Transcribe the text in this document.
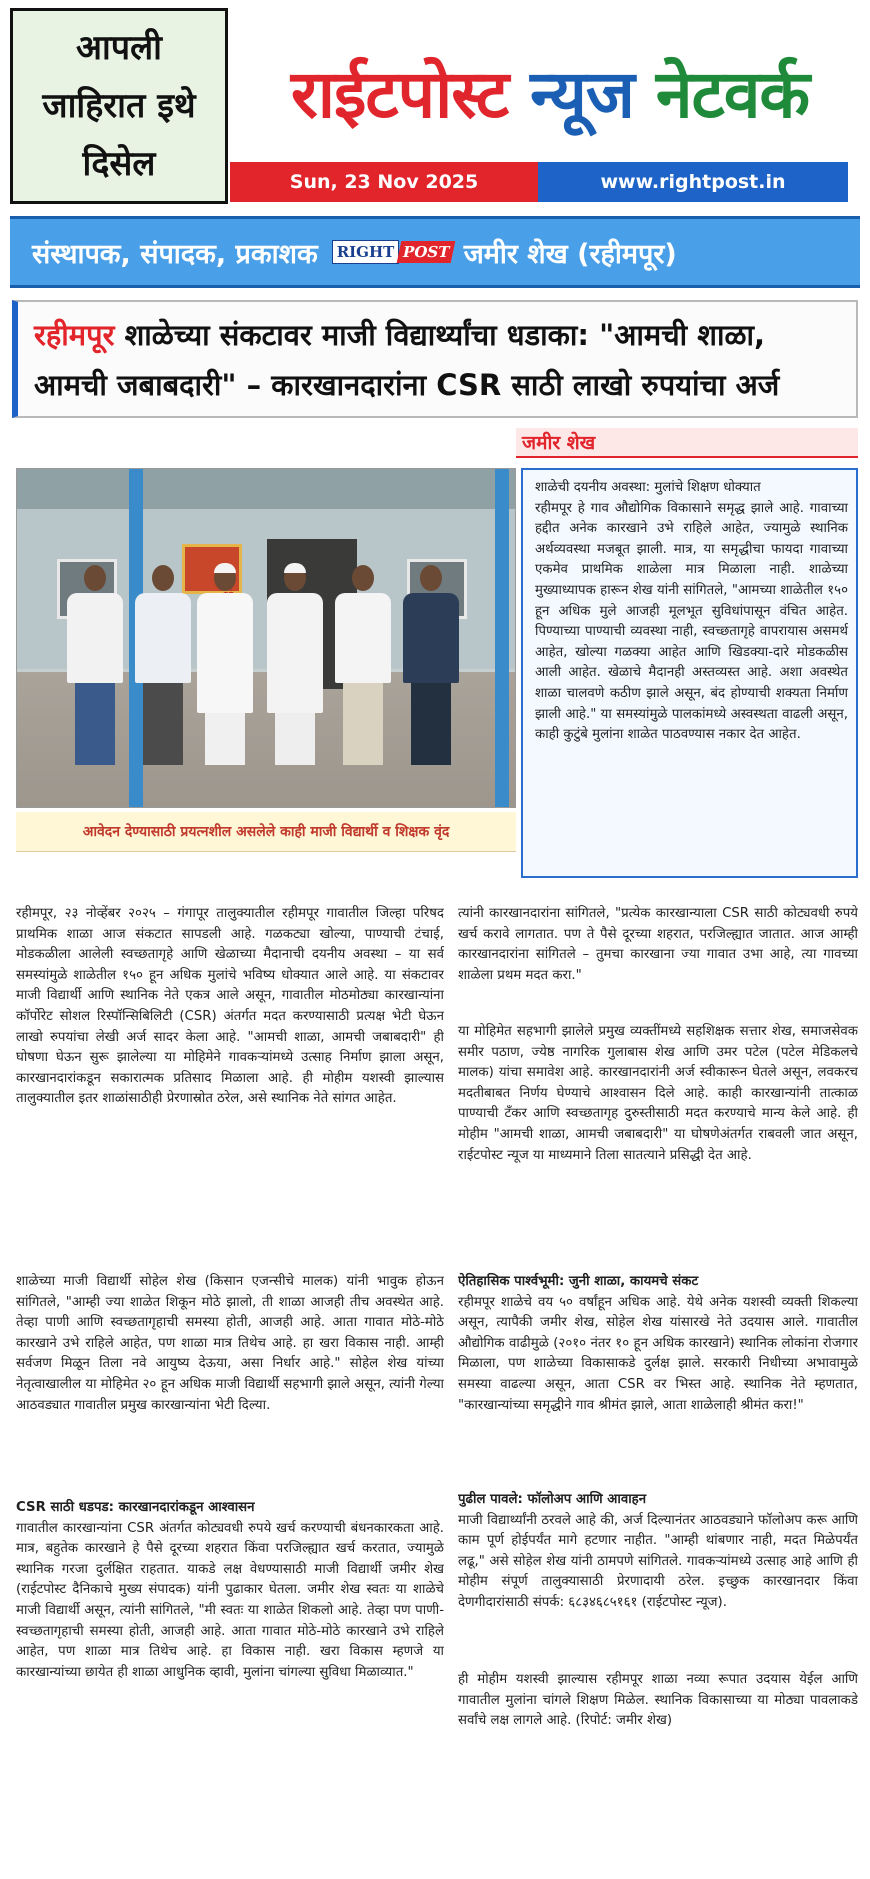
आपली
जाहिरात इथे
दिसेल
राईटपोस्ट न्यूज नेटवर्क
Sun, 23 Nov 2025	www.rightpost.in
संस्थापक, संपादक, प्रकाशक	RIGHT POST जमीर शेख (रहीमपूर)
रहीमपूर शाळेच्या संकटावर माजी विद्यार्थ्यांचा धडाका: "आमची शाळा, आमची जबाबदारी" – कारखानदारांना CSR साठी लाखो रुपयांचा अर्ज
जमीर शेख
आवेदन देण्यासाठी प्रयत्नशील असलेले काही माजी विद्यार्थी व शिक्षक वृंद
शाळेची दयनीय अवस्था: मुलांचे शिक्षण धोक्यात
रहीमपूर हे गाव औद्योगिक विकासाने समृद्ध झाले आहे. गावाच्या हद्दीत अनेक कारखाने उभे राहिले आहेत, ज्यामुळे स्थानिक अर्थव्यवस्था मजबूत झाली. मात्र, या समृद्धीचा फायदा गावाच्या एकमेव प्राथमिक शाळेला मात्र मिळाला नाही. शाळेच्या मुख्याध्यापक हारून शेख यांनी सांगितले, "आमच्या शाळेतील १५० हून अधिक मुले आजही मूलभूत सुविधांपासून वंचित आहेत. पिण्याच्या पाण्याची व्यवस्था नाही, स्वच्छतागृहे वापरायास असमर्थ आहेत, खोल्या गळक्या आहेत आणि खिडक्या-दारे मोडकळीस आली आहेत. खेळाचे मैदानही अस्तव्यस्त आहे. अशा अवस्थेत शाळा चालवणे कठीण झाले असून, बंद होण्याची शक्यता निर्माण झाली आहे." या समस्यांमुळे पालकांमध्ये अस्वस्थता वाढली असून, काही कुटुंबे मुलांना शाळेत पाठवण्यास नकार देत आहेत.
रहीमपूर, २३ नोव्हेंबर २०२५ – गंगापूर तालुक्यातील रहीमपूर गावातील जिल्हा परिषद प्राथमिक शाळा आज संकटात सापडली आहे. गळकट्या खोल्या, पाण्याची टंचाई, मोडकळीला आलेली स्वच्छतागृहे आणि खेळाच्या मैदानाची दयनीय अवस्था – या सर्व समस्यांमुळे शाळेतील १५० हून अधिक मुलांचे भविष्य धोक्यात आले आहे. या संकटावर माजी विद्यार्थी आणि स्थानिक नेते एकत्र आले असून, गावातील मोठमोठ्या कारखान्यांना कॉर्पोरेट सोशल रिस्पॉन्सिबिलिटी (CSR) अंतर्गत मदत करण्यासाठी प्रत्यक्ष भेटी घेऊन लाखो रुपयांचा लेखी अर्ज सादर केला आहे. "आमची शाळा, आमची जबाबदारी" ही घोषणा घेऊन सुरू झालेल्या या मोहिमेने गावकऱ्यांमध्ये उत्साह निर्माण झाला असून, कारखानदारांकडून सकारात्मक प्रतिसाद मिळाला आहे. ही मोहीम यशस्वी झाल्यास तालुक्यातील इतर शाळांसाठीही प्रेरणास्रोत ठरेल, असे स्थानिक नेते सांगत आहेत.
शाळेच्या माजी विद्यार्थी सोहेल शेख (किसान एजन्सीचे मालक) यांनी भावुक होऊन सांगितले, "आम्ही ज्या शाळेत शिकून मोठे झालो, ती शाळा आजही तीच अवस्थेत आहे. तेव्हा पाणी आणि स्वच्छतागृहाची समस्या होती, आजही आहे. आता गावात मोठे-मोठे कारखाने उभे राहिले आहेत, पण शाळा मात्र तिथेच आहे. हा खरा विकास नाही. आम्ही सर्वजण मिळून तिला नवे आयुष्य देऊया, असा निर्धार आहे." सोहेल शेख यांच्या नेतृत्वाखालील या मोहिमेत २० हून अधिक माजी विद्यार्थी सहभागी झाले असून, त्यांनी गेल्या आठवड्यात गावातील प्रमुख कारखान्यांना भेटी दिल्या.
CSR साठी धडपड: कारखानदारांकडून आश्वासन
गावातील कारखान्यांना CSR अंतर्गत कोट्यवधी रुपये खर्च करण्याची बंधनकारकता आहे. मात्र, बहुतेक कारखाने हे पैसे दूरच्या शहरात किंवा परजिल्ह्यात खर्च करतात, ज्यामुळे स्थानिक गरजा दुर्लक्षित राहतात. याकडे लक्ष वेधण्यासाठी माजी विद्यार्थी जमीर शेख (राईटपोस्ट दैनिकाचे मुख्य संपादक) यांनी पुढाकार घेतला. जमीर शेख स्वतः या शाळेचे माजी विद्यार्थी असून, त्यांनी सांगितले, "मी स्वतः या शाळेत शिकलो आहे. तेव्हा पण पाणी-स्वच्छतागृहाची समस्या होती, आजही आहे. आता गावात मोठे-मोठे कारखाने उभे राहिले आहेत, पण शाळा मात्र तिथेच आहे. हा विकास नाही. खरा विकास म्हणजे या कारखान्यांच्या छायेत ही शाळा आधुनिक व्हावी, मुलांना चांगल्या सुविधा मिळाव्यात."
त्यांनी कारखानदारांना सांगितले, "प्रत्येक कारखान्याला CSR साठी कोट्यवधी रुपये खर्च करावे लागतात. पण ते पैसे दूरच्या शहरात, परजिल्ह्यात जातात. आज आम्ही कारखानदारांना सांगितले – तुमचा कारखाना ज्या गावात उभा आहे, त्या गावच्या शाळेला प्रथम मदत करा."
या मोहिमेत सहभागी झालेले प्रमुख व्यक्तींमध्ये सहशिक्षक सत्तार शेख, समाजसेवक समीर पठाण, ज्येष्ठ नागरिक गुलाबास शेख आणि उमर पटेल (पटेल मेडिकलचे मालक) यांचा समावेश आहे. कारखानदारांनी अर्ज स्वीकारून घेतले असून, लवकरच मदतीबाबत निर्णय घेण्याचे आश्वासन दिले आहे. काही कारखान्यांनी तात्काळ पाण्याची टँकर आणि स्वच्छतागृह दुरुस्तीसाठी मदत करण्याचे मान्य केले आहे. ही मोहीम "आमची शाळा, आमची जबाबदारी" या घोषणेअंतर्गत राबवली जात असून, राईटपोस्ट न्यूज या माध्यमाने तिला सातत्याने प्रसिद्धी देत आहे.
ऐतिहासिक पार्श्वभूमी: जुनी शाळा, कायमचे संकट
रहीमपूर शाळेचे वय ५० वर्षांहून अधिक आहे. येथे अनेक यशस्वी व्यक्ती शिकल्या असून, त्यापैकी जमीर शेख, सोहेल शेख यांसारखे नेते उदयास आले. गावातील औद्योगिक वाढीमुळे (२०१० नंतर १० हून अधिक कारखाने) स्थानिक लोकांना रोजगार मिळाला, पण शाळेच्या विकासाकडे दुर्लक्ष झाले. सरकारी निधीच्या अभावामुळे समस्या वाढल्या असून, आता CSR वर भिस्त आहे. स्थानिक नेते म्हणतात, "कारखान्यांच्या समृद्धीने गाव श्रीमंत झाले, आता शाळेलाही श्रीमंत करा!"
पुढील पावले: फॉलोअप आणि आवाहन
माजी विद्यार्थ्यांनी ठरवले आहे की, अर्ज दिल्यानंतर आठवड्याने फॉलोअप करू आणि काम पूर्ण होईपर्यंत मागे हटणार नाहीत. "आम्ही थांबणार नाही, मदत मिळेपर्यंत लढू," असे सोहेल शेख यांनी ठामपणे सांगितले. गावकऱ्यांमध्ये उत्साह आहे आणि ही मोहीम संपूर्ण तालुक्यासाठी प्रेरणादायी ठरेल. इच्छुक कारखानदार किंवा देणगीदारांसाठी संपर्क: ६८३४६८५१६१ (राईटपोस्ट न्यूज).
ही मोहीम यशस्वी झाल्यास रहीमपूर शाळा नव्या रूपात उदयास येईल आणि गावातील मुलांना चांगले शिक्षण मिळेल. स्थानिक विकासाच्या या मोठ्या पावलाकडे सर्वांचे लक्ष लागले आहे. (रिपोर्ट: जमीर शेख)
